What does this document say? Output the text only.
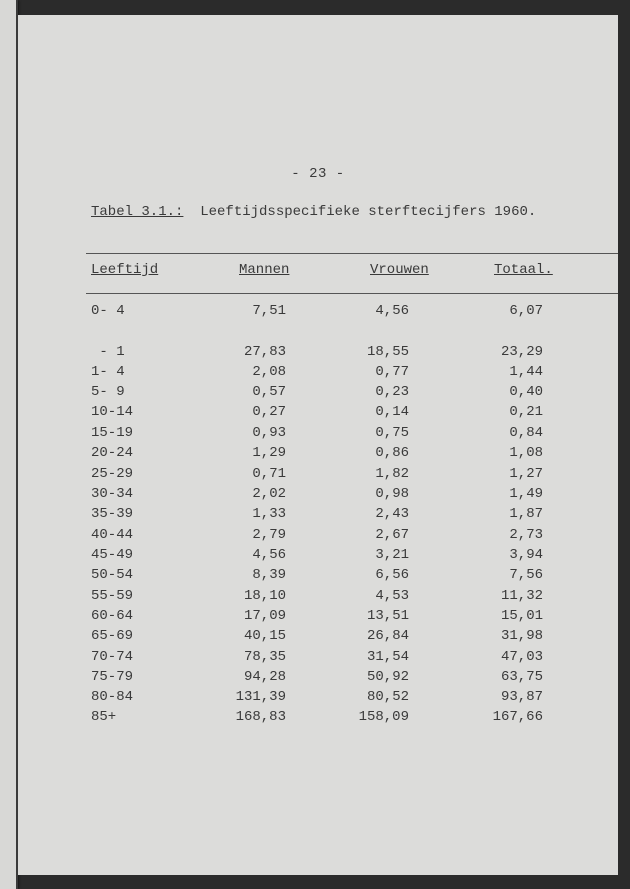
- 23 -
Tabel 3.1.:  Leeftijdsspecifieke sterftecijfers 1960.
Leeftijd	Mannen	Vrouwen	Totaal.
0- 4	7,51	4,56	6,07
- 1	27,83	18,55	23,29
1- 4	2,08	0,77	1,44
5- 9	0,57	0,23	0,40
10-14	0,27	0,14	0,21
15-19	0,93	0,75	0,84
20-24	1,29	0,86	1,08
25-29	0,71	1,82	1,27
30-34	2,02	0,98	1,49
35-39	1,33	2,43	1,87
40-44	2,79	2,67	2,73
45-49	4,56	3,21	3,94
50-54	8,39	6,56	7,56
55-59	18,10	4,53	11,32
60-64	17,09	13,51	15,01
65-69	40,15	26,84	31,98
70-74	78,35	31,54	47,03
75-79	94,28	50,92	63,75
80-84	131,39	80,52	93,87
85+	168,83	158,09	167,66
